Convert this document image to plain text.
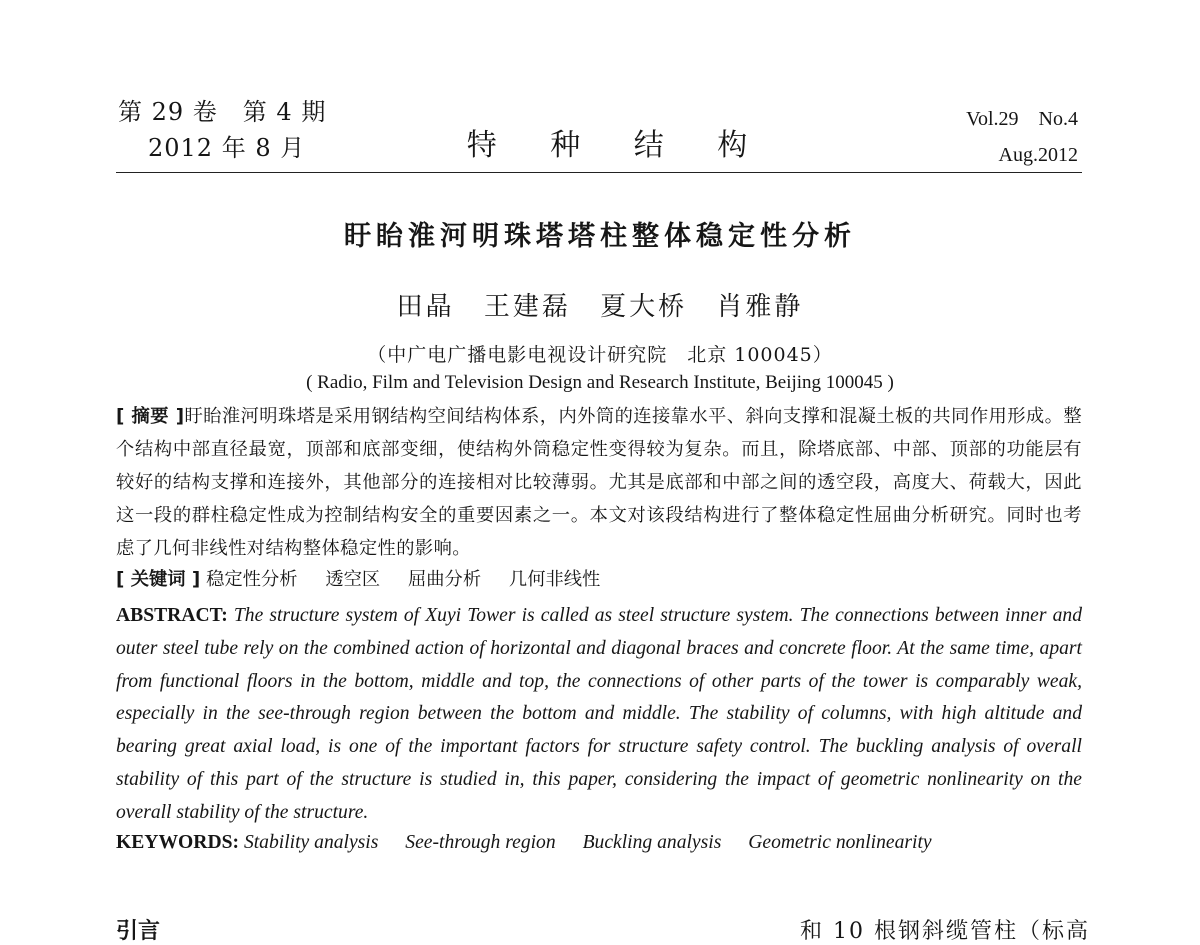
第 29 卷　第 4 期
2012 年 8 月	特 种 结 构
Vol.29　No.4
Aug.2012
盱眙淮河明珠塔塔柱整体稳定性分析
田晶 王建磊 夏大桥 肖雅静
（中广电广播电影电视设计研究院　北京 100045）
( Radio, Film and Television Design and Research Institute, Beijing 100045 )
[ 摘要 ]盱眙淮河明珠塔是采用钢结构空间结构体系，内外筒的连接靠水平、斜向支撑和混凝土板的共同作用形成。整个结构中部直径最宽，顶部和底部变细，使结构外筒稳定性变得较为复杂。而且，除塔底部、中部、顶部的功能层有较好的结构支撑和连接外，其他部分的连接相对比较薄弱。尤其是底部和中部之间的透空段，高度大、荷载大，因此这一段的群柱稳定性成为控制结构安全的重要因素之一。本文对该段结构进行了整体稳定性屈曲分析研究。同时也考虑了几何非线性对结构整体稳定性的影响。
[ 关键词 ] 稳定性分析 透空区 屈曲分析 几何非线性
ABSTRACT: The structure system of Xuyi Tower is called as steel structure system. The connections between inner and outer steel tube rely on the combined action of horizontal and diagonal braces and concrete floor. At the same time, apart from functional floors in the bottom, middle and top, the connections of other parts of the tower is comparably weak, especially in the see-through region between the bottom and middle. The stability of columns, with high altitude and bearing great axial load, is one of the important factors for structure safety control. The buckling analysis of overall stability of this part of the structure is studied in, this paper, considering the impact of geometric nonlinearity on the overall stability of the structure.
KEYWORDS: Stability analysis See-through region Buckling analysis Geometric nonlinearity
引言	和 10 根钢斜缆管柱（标高
